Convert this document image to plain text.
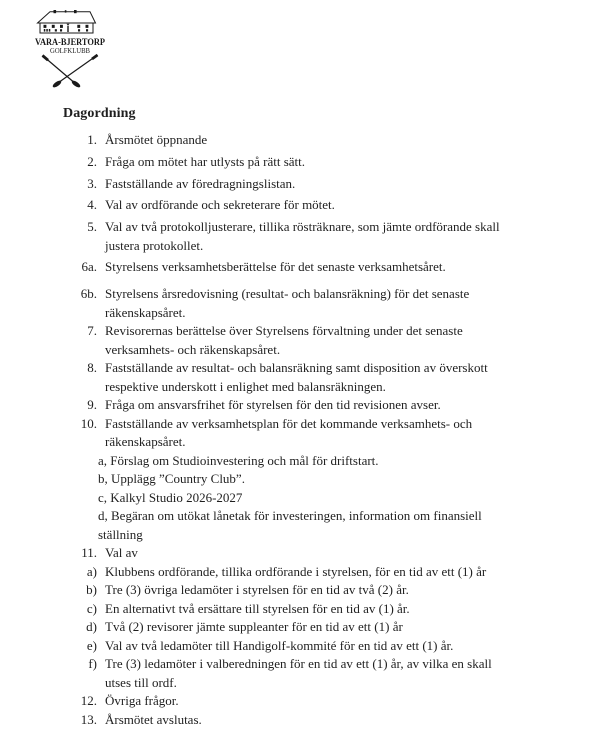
VARA-BJERTORP
GOLFKLUBB
Dagordning
1. Årsmötet öppnande
2. Fråga om mötet har utlysts på rätt sätt.
3. Fastställande av föredragningslistan.
4. Val av ordförande och sekreterare för mötet.
5. Val av två protokolljusterare, tillika rösträknare, som jämte ordförande skall
justera protokollet.
6a. Styrelsens verksamhetsberättelse för det senaste verksamhetsåret.
6b. Styrelsens årsredovisning (resultat- och balansräkning) för det senaste
räkenskapsåret.
7. Revisorernas berättelse över Styrelsens förvaltning under det senaste
verksamhets- och räkenskapsåret.
8. Fastställande av resultat- och balansräkning samt disposition av överskott
respektive underskott i enlighet med balansräkningen.
9. Fråga om ansvarsfrihet för styrelsen för den tid revisionen avser.
10. Fastställande av verksamhetsplan för det kommande verksamhets- och
räkenskapsåret.
a, Förslag om Studioinvestering och mål för driftstart.
b, Upplägg ”Country Club”.
c, Kalkyl Studio 2026-2027
d, Begäran om utökat lånetak för investeringen, information om finansiell
ställning
11. Val av
a) Klubbens ordförande, tillika ordförande i styrelsen, för en tid av ett (1) år
b) Tre (3) övriga ledamöter i styrelsen för en tid av två (2) år.
c) En alternativt två ersättare till styrelsen för en tid av (1) år.
d) Två (2) revisorer jämte suppleanter för en tid av ett (1) år
e) Val av två ledamöter till Handigolf-kommité för en tid av ett (1) år.
f) Tre (3) ledamöter i valberedningen för en tid av ett (1) år, av vilka en skall
utses till ordf.
12. Övriga frågor.
13. Årsmötet avslutas.
